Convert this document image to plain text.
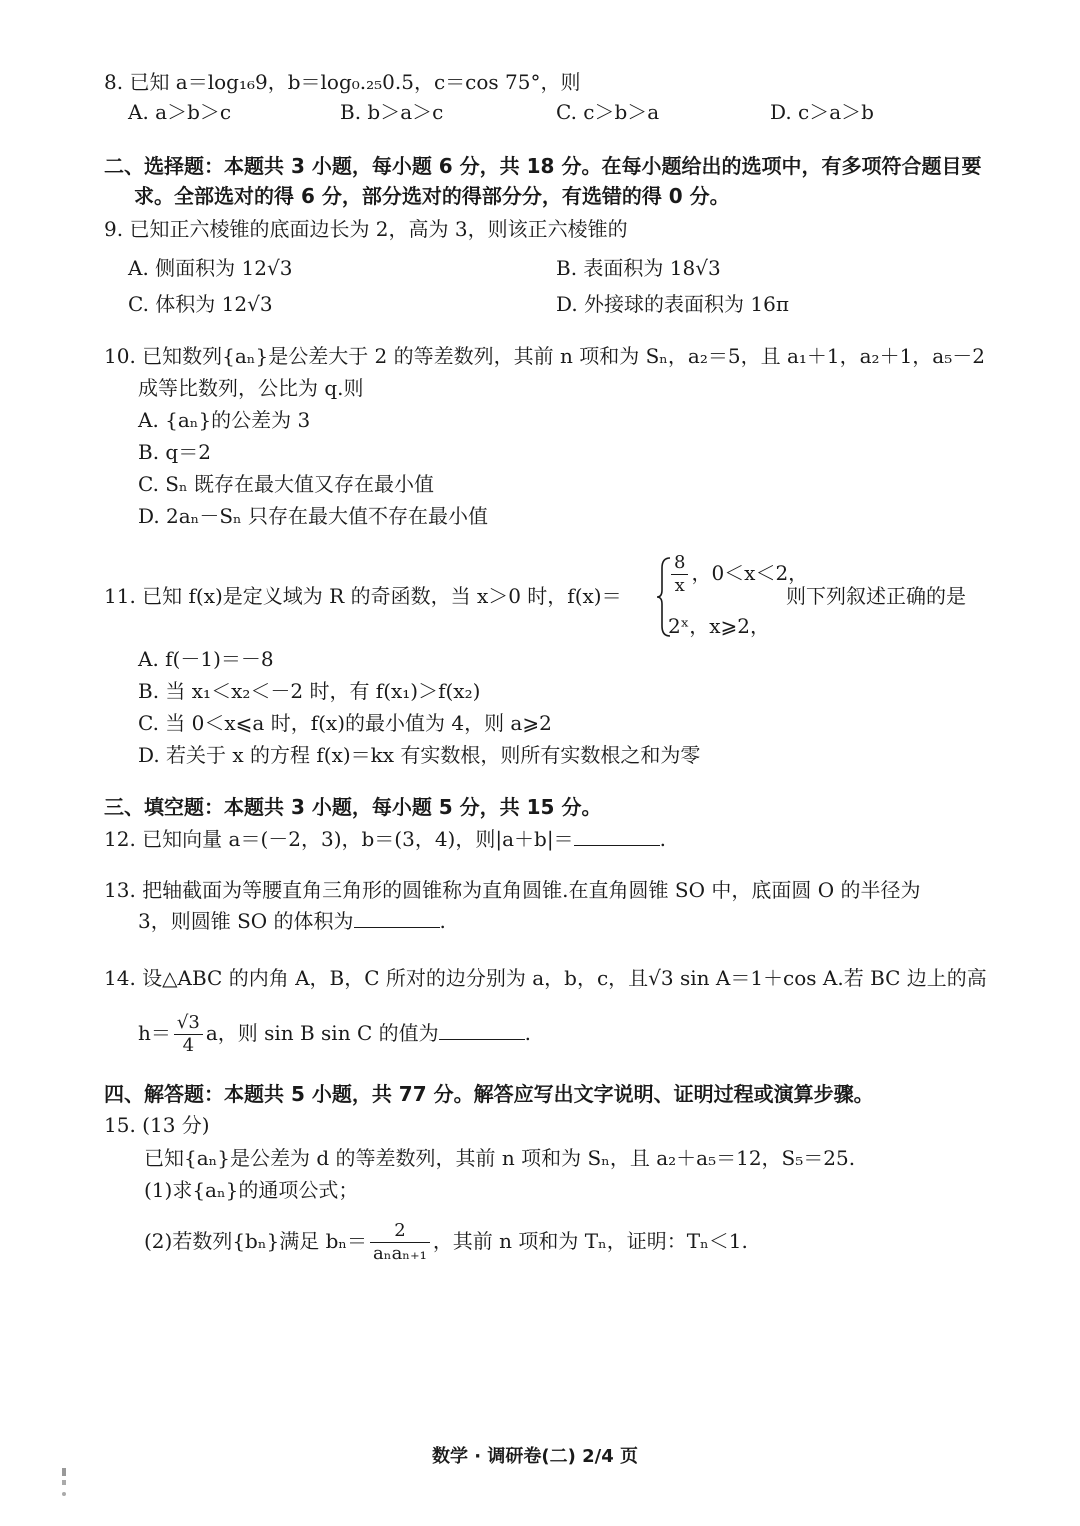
8. 已知 a＝log₁₆9，b＝log₀.₂₅0.5，c＝cos 75°，则
A. a＞b＞c	B. b＞a＞c	C. c＞b＞a	D. c＞a＞b
二、选择题：本题共 3 小题，每小题 6 分，共 18 分。在每小题给出的选项中，有多项符合题目要
求。全部选对的得 6 分，部分选对的得部分分，有选错的得 0 分。
9. 已知正六棱锥的底面边长为 2，高为 3，则该正六棱锥的
A. 侧面积为 12√3	B. 表面积为 18√3
C. 体积为 12√3	D. 外接球的表面积为 16π
10. 已知数列{aₙ}是公差大于 2 的等差数列，其前 n 项和为 Sₙ，a₂＝5，且 a₁＋1，a₂＋1，a₅－2
成等比数列，公比为 q.则
A. {aₙ}的公差为 3
B. q＝2
C. Sₙ 既存在最大值又存在最小值
D. 2aₙ－Sₙ 只存在最大值不存在最小值
11. 已知 f(x)是定义域为 R 的奇函数，当 x＞0 时，f(x)＝	$\frac{8}{x}$ ，0＜x＜2，
2ˣ，x⩾2，
则下列叙述正确的是
A. f(－1)＝－8
B. 当 x₁＜x₂＜－2 时，有 f(x₁)＞f(x₂)
C. 当 0＜x⩽a 时，f(x)的最小值为 4，则 a⩾2
D. 若关于 x 的方程 f(x)＝kx 有实数根，则所有实数根之和为零
三、填空题：本题共 3 小题，每小题 5 分，共 15 分。
12. 已知向量 a＝(－2，3)，b＝(3，4)，则|a＋b|＝	.
13. 把轴截面为等腰直角三角形的圆锥称为直角圆锥.在直角圆锥 SO 中，底面圆 O 的半径为
3，则圆锥 SO 的体积为	.
14. 设△ABC 的内角 A，B，C 所对的边分别为 a，b，c，且√3 sin A＝1＋cos A.若 BC 边上的高
$h= \frac{√3}{4}$ a，则 sin B sin C 的值为	.
四、解答题：本题共 5 小题，共 77 分。解答应写出文字说明、证明过程或演算步骤。
15. (13 分)
已知{aₙ}是公差为 d 的等差数列，其前 n 项和为 Sₙ，且 a₂＋a₅＝12，S₅＝25.
(1)求{aₙ}的通项公式；
(2)若数列{bₙ}满足 $b_n= \frac{2}{\text{aₙaₙ₊₁}}$ ，其前 n 项和为 Tₙ，证明：Tₙ＜1.
数学 · 调研卷(二) 2/4 页
